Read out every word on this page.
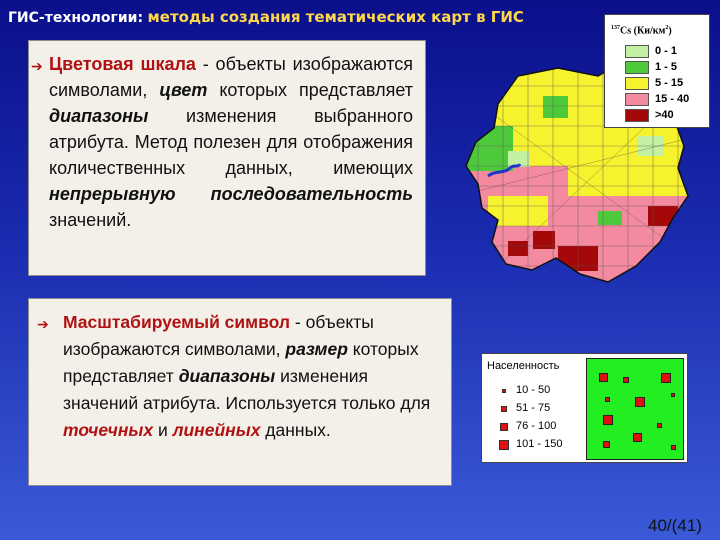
ГИС-технологии: методы создания тематических карт в ГИС
➔ Цветовая шкала - объекты изображаются символами, цвет которых представляет диапазоны изменения выбранного атрибута. Метод полезен для отображения количественных данных, имеющих непрерывную последовательность значений.
➔ Масштабируемый символ - объекты изображаются символами, размер которых представляет диапазоны изменения значений атрибута. Используется только для точечных и линейных данных.
$^{137}$Cs $(Ки/км^2)$
0 - 1
1 - 5
5 - 15
15 - 40
>40
Населенность
10 - 50
51 - 75
76 - 100
101 - 150
40/(41)
